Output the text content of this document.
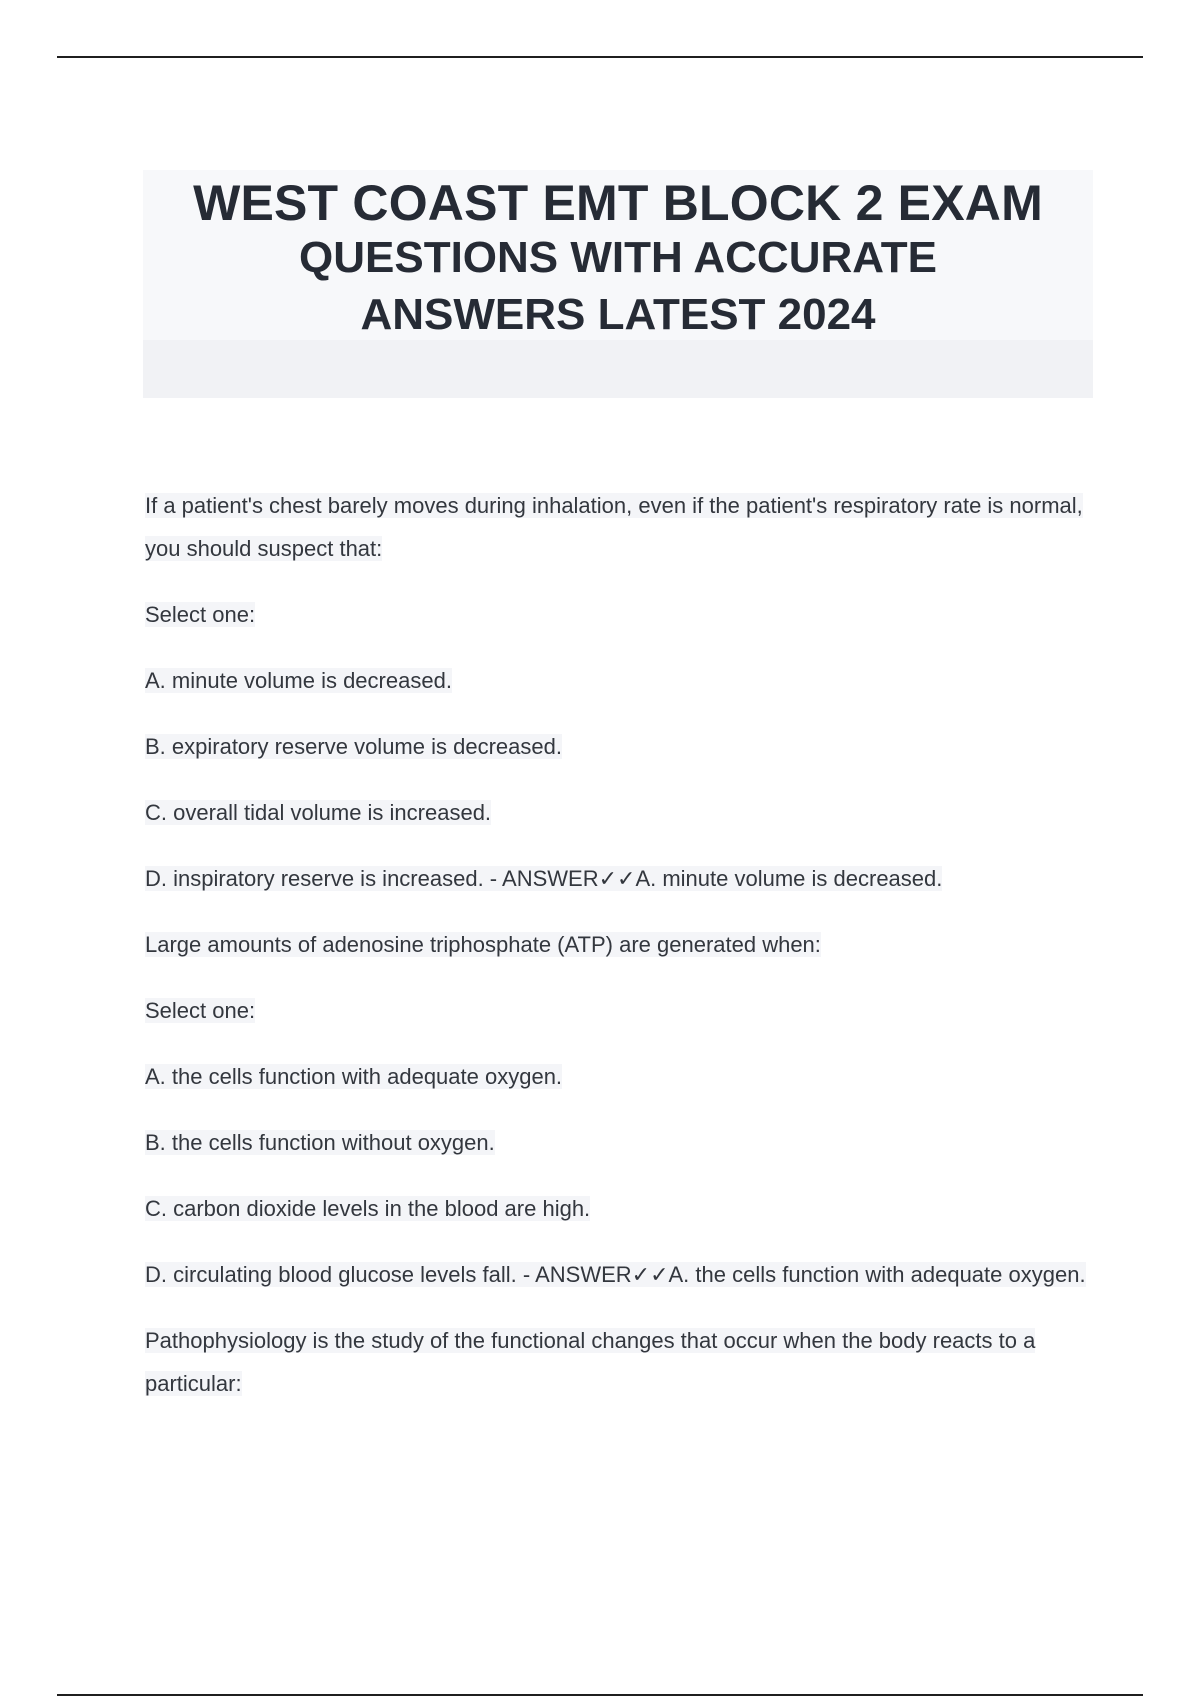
WEST COAST EMT BLOCK 2 EXAM
QUESTIONS WITH ACCURATE
ANSWERS LATEST 2024

If a patient's chest barely moves during inhalation, even if the patient's respiratory rate is normal, you should suspect that:

Select one:

A. minute volume is decreased.

B. expiratory reserve volume is decreased.

C. overall tidal volume is increased.

D. inspiratory reserve is increased. - ANSWER✓✓A. minute volume is decreased.

Large amounts of adenosine triphosphate (ATP) are generated when:

Select one:

A. the cells function with adequate oxygen.

B. the cells function without oxygen.

C. carbon dioxide levels in the blood are high.

D. circulating blood glucose levels fall. - ANSWER✓✓A. the cells function with adequate oxygen.

Pathophysiology is the study of the functional changes that occur when the body reacts to a particular:
